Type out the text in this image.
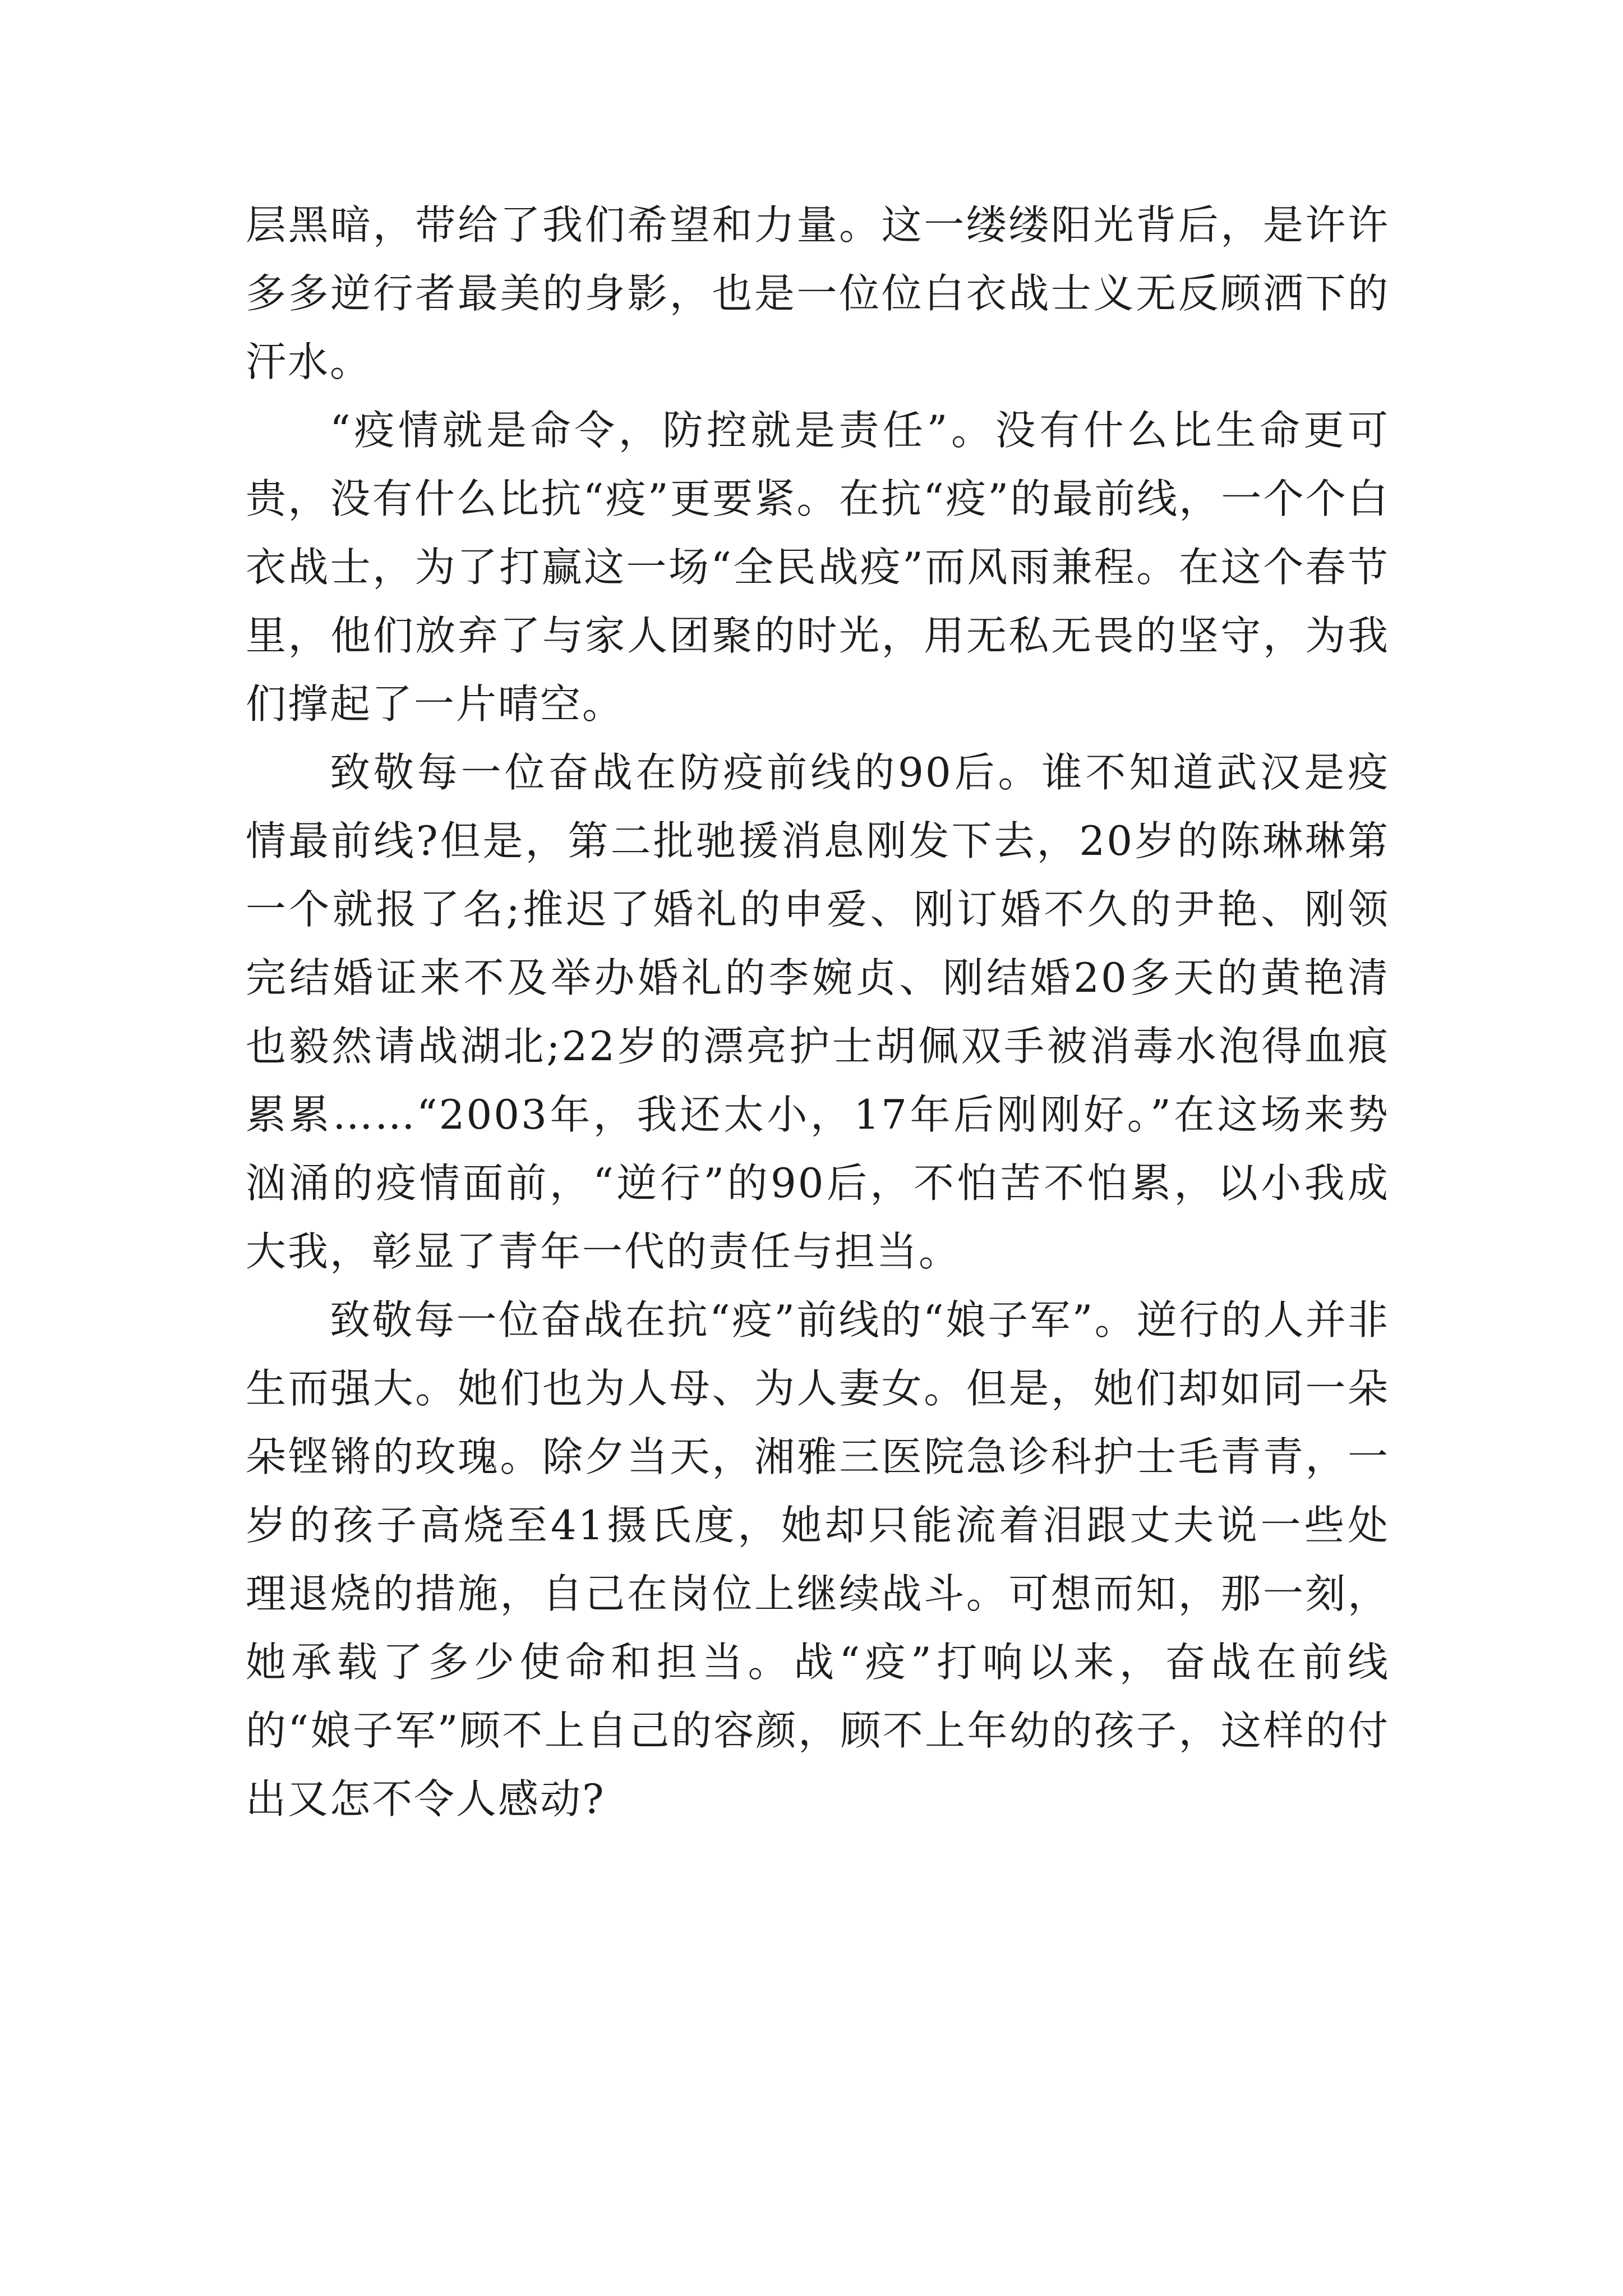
层黑暗，带给了我们希望和力量。这一缕缕阳光背后，是许许多多逆行者最美的身影，也是一位位白衣战士义无反顾洒下的汗水。

“疫情就是命令，防控就是责任”。没有什么比生命更可贵，没有什么比抗“疫”更要紧。在抗“疫”的最前线，一个个白衣战士，为了打赢这一场“全民战疫”而风雨兼程。在这个春节里，他们放弃了与家人团聚的时光，用无私无畏的坚守，为我们撑起了一片晴空。

致敬每一位奋战在防疫前线的90后。谁不知道武汉是疫情最前线?但是，第二批驰援消息刚发下去，20岁的陈琳琳第一个就报了名;推迟了婚礼的申爱、刚订婚不久的尹艳、刚领完结婚证来不及举办婚礼的李婉贞、刚结婚20多天的黄艳清也毅然请战湖北;22岁的漂亮护士胡佩双手被消毒水泡得血痕累累……“2003年，我还太小，17年后刚刚好。”在这场来势汹涌的疫情面前，“逆行”的90后，不怕苦不怕累，以小我成大我，彰显了青年一代的责任与担当。

致敬每一位奋战在抗“疫”前线的“娘子军”。逆行的人并非生而强大。她们也为人母、为人妻女。但是，她们却如同一朵朵铿锵的玫瑰。除夕当天，湘雅三医院急诊科护士毛青青，一岁的孩子高烧至41摄氏度，她却只能流着泪跟丈夫说一些处理退烧的措施，自己在岗位上继续战斗。可想而知，那一刻，她承载了多少使命和担当。战“疫”打响以来，奋战在前线的“娘子军”顾不上自己的容颜，顾不上年幼的孩子，这样的付出又怎不令人感动?
